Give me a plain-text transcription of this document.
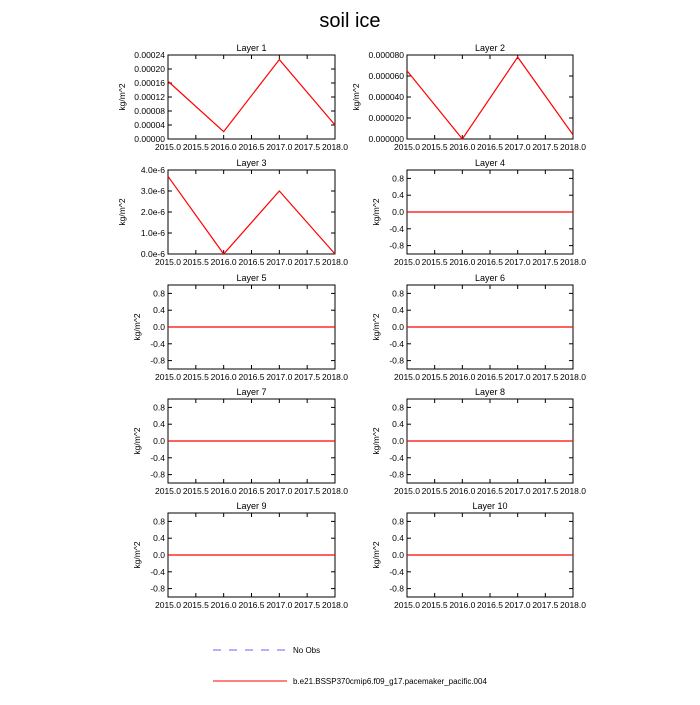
soil ice
Layer 1
2015.0 2015.5 2016.0 2016.5 2017.0 2017.5 2018.0
0.00000
0.00004
0.00008
0.00012
0.00016
0.00020
0.00024
kg/m^2
Layer 2
2015.0 2015.5 2016.0 2016.5 2017.0 2017.5 2018.0
0.000000
0.000020
0.000040
0.000060
0.000080
kg/m^2
Layer 3
2015.0 2015.5 2016.0 2016.5 2017.0 2017.5 2018.0
0.0e-6
1.0e-6
2.0e-6
3.0e-6
4.0e-6
kg/m^2
Layer 4
2015.0 2015.5 2016.0 2016.5 2017.0 2017.5 2018.0
-0.8
-0.4
0.0
0.4
0.8
kg/m^2
Layer 5
2015.0 2015.5 2016.0 2016.5 2017.0 2017.5 2018.0
-0.8
-0.4
0.0
0.4
0.8
kg/m^2
Layer 6
2015.0 2015.5 2016.0 2016.5 2017.0 2017.5 2018.0
-0.8
-0.4
0.0
0.4
0.8
kg/m^2
Layer 7
2015.0 2015.5 2016.0 2016.5 2017.0 2017.5 2018.0
-0.8
-0.4
0.0
0.4
0.8
kg/m^2
Layer 8
2015.0 2015.5 2016.0 2016.5 2017.0 2017.5 2018.0
-0.8
-0.4
0.0
0.4
0.8
kg/m^2
Layer 9
2015.0 2015.5 2016.0 2016.5 2017.0 2017.5 2018.0
-0.8
-0.4
0.0
0.4
0.8
kg/m^2
Layer 10
2015.0 2015.5 2016.0 2016.5 2017.0 2017.5 2018.0
-0.8
-0.4
0.0
0.4
0.8
kg/m^2
No Obs
b.e21.BSSP370cmip6.f09_g17.pacemaker_pacific.004
